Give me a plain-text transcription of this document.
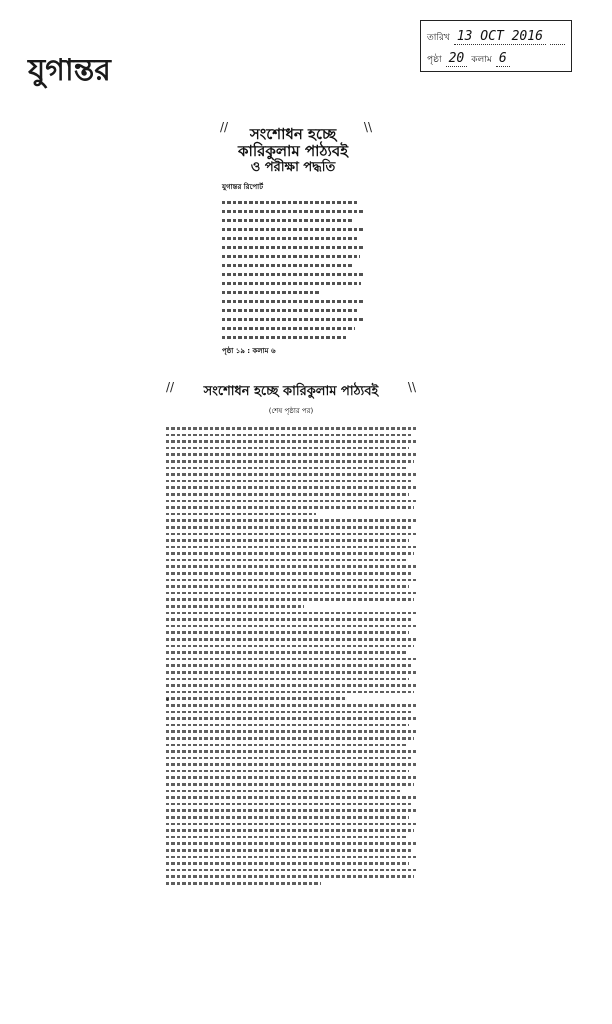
যুগান্তর
তারিখ 13 OCT 2016
পৃষ্ঠা 20 কলাম 6
//	\\
সংশোধন হচ্ছে
কারিকুলাম পাঠ্যবই
ও পরীক্ষা পদ্ধতি
যুগান্তর রিপোর্ট
পৃষ্ঠা ১৯ : কলাম ৬
//	\\
সংশোধন হচ্ছে কারিকুলাম পাঠ্যবই
(শেষ পৃষ্ঠার পর)
